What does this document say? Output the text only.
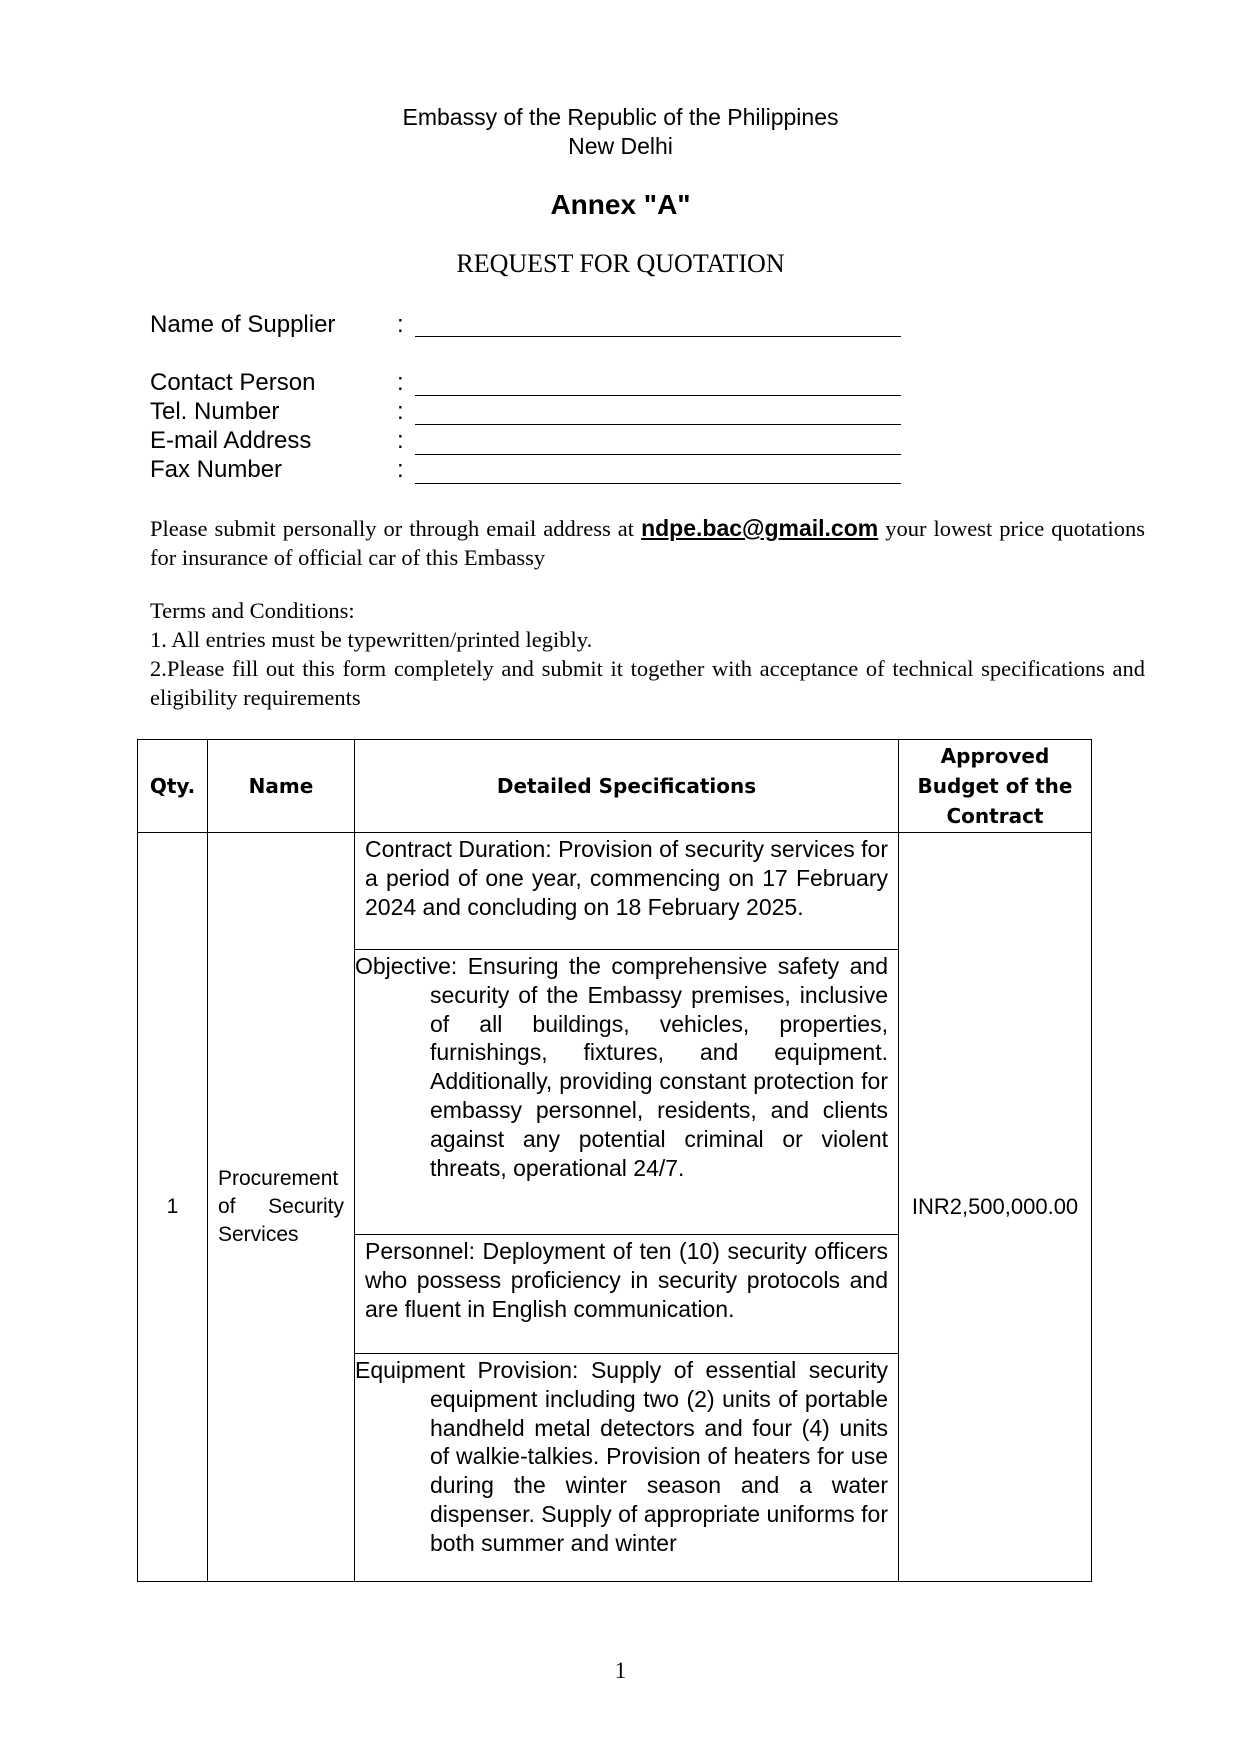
Embassy of the Republic of the Philippines
New Delhi
Annex "A"
REQUEST FOR QUOTATION
Name of Supplier	:
Contact Person	:
Tel. Number	:
E-mail Address	:
Fax Number	:
Please submit personally or through email address at ndpe.bac@gmail.com your lowest price quotations for insurance of official car of this Embassy
Terms and Conditions:
1. All entries must be typewritten/printed legibly.
2.Please fill out this form completely and submit it together with acceptance of technical specifications and eligibility requirements
Qty.	Name	Detailed Specifications	Approved Budget of the Contract
1	Procurement of Security Services	Contract Duration: Provision of security services for a period of one year, commencing on 17 February 2024 and concluding on 18 February 2025.
Objective: Ensuring the comprehensive safety and security of the Embassy premises, inclusive of all buildings, vehicles, properties, furnishings, fixtures, and equipment. Additionally, providing constant protection for embassy personnel, residents, and clients against any potential criminal or violent threats, operational 24/7.
Personnel: Deployment of ten (10) security officers who possess proficiency in security protocols and are fluent in English communication.
Equipment Provision: Supply of essential security equipment including two (2) units of portable handheld metal detectors and four (4) units of walkie-talkies. Provision of heaters for use during the winter season and a water dispenser. Supply of appropriate uniforms for both summer and winter	INR2,500,000.00
1
